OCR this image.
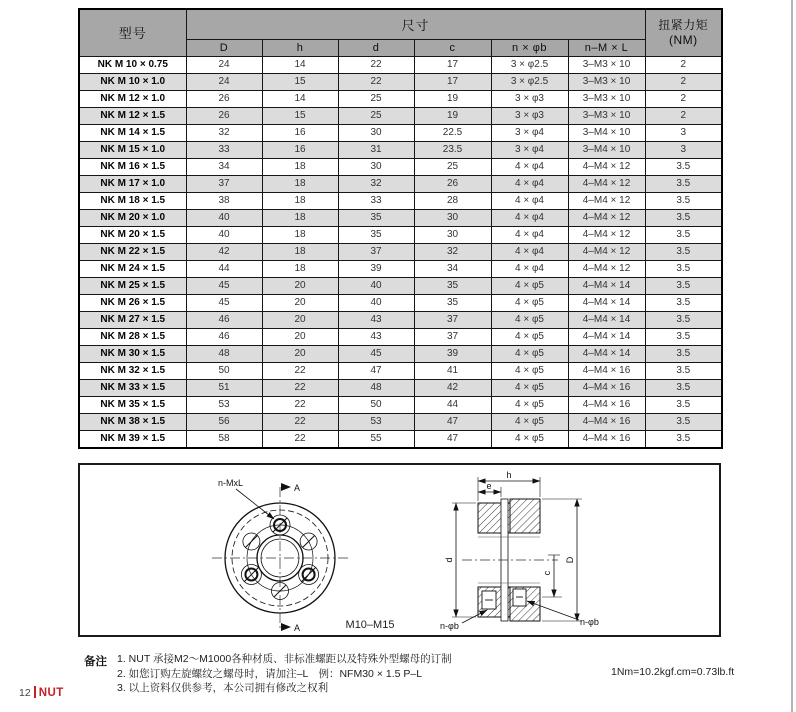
型号	尺寸						扭紧力矩
(NM)

	D	h	d	c	n × φb	n–M × L	
NK M 10 × 0.75	24	14	22	17	3 × φ2.5	3–M3 × 10	2
NK M 10 × 1.0	24	15	22	17	3 × φ2.5	3–M3 × 10	2
NK M 12 × 1.0	26	14	25	19	3 × φ3	3–M3 × 10	2
NK M 12 × 1.5	26	15	25	19	3 × φ3	3–M3 × 10	2
NK M 14 × 1.5	32	16	30	22.5	3 × φ4	3–M4 × 10	3
NK M 15 × 1.0	33	16	31	23.5	3 × φ4	3–M4 × 10	3
NK M 16 × 1.5	34	18	30	25	4 × φ4	4–M4 × 12	3.5
NK M 17 × 1.0	37	18	32	26	4 × φ4	4–M4 × 12	3.5
NK M 18 × 1.5	38	18	33	28	4 × φ4	4–M4 × 12	3.5
NK M 20 × 1.0	40	18	35	30	4 × φ4	4–M4 × 12	3.5
NK M 20 × 1.5	40	18	35	30	4 × φ4	4–M4 × 12	3.5
NK M 22 × 1.5	42	18	37	32	4 × φ4	4–M4 × 12	3.5
NK M 24 × 1.5	44	18	39	34	4 × φ4	4–M4 × 12	3.5
NK M 25 × 1.5	45	20	40	35	4 × φ5	4–M4 × 14	3.5
NK M 26 × 1.5	45	20	40	35	4 × φ5	4–M4 × 14	3.5
NK M 27 × 1.5	46	20	43	37	4 × φ5	4–M4 × 14	3.5
NK M 28 × 1.5	46	20	43	37	4 × φ5	4–M4 × 14	3.5
NK M 30 × 1.5	48	20	45	39	4 × φ5	4–M4 × 14	3.5
NK M 32 × 1.5	50	22	47	41	4 × φ5	4–M4 × 16	3.5
NK M 33 × 1.5	51	22	48	42	4 × φ5	4–M4 × 16	3.5
NK M 35 × 1.5	53	22	50	44	4 × φ5	4–M4 × 16	3.5
NK M 38 × 1.5	56	22	53	47	4 × φ5	4–M4 × 16	3.5
NK M 39 × 1.5	58	22	55	47	4 × φ5	4–M4 × 16	3.5
A
A
n-MxL
M10–M15
h
e
d	D
c
n-φb	n-φb
备注 1. NUT 承接M2～M1000各种材质、非标准螺距以及特殊外型螺母的订制
2. 如您订购左旋螺纹之螺母时，请加注–L　例：NFM30 × 1.5 P–L
3. 以上资料仅供参考，本公司拥有修改之权利
1Nm=10.2kgf.cm=0.73lb.ft
12 NUT
